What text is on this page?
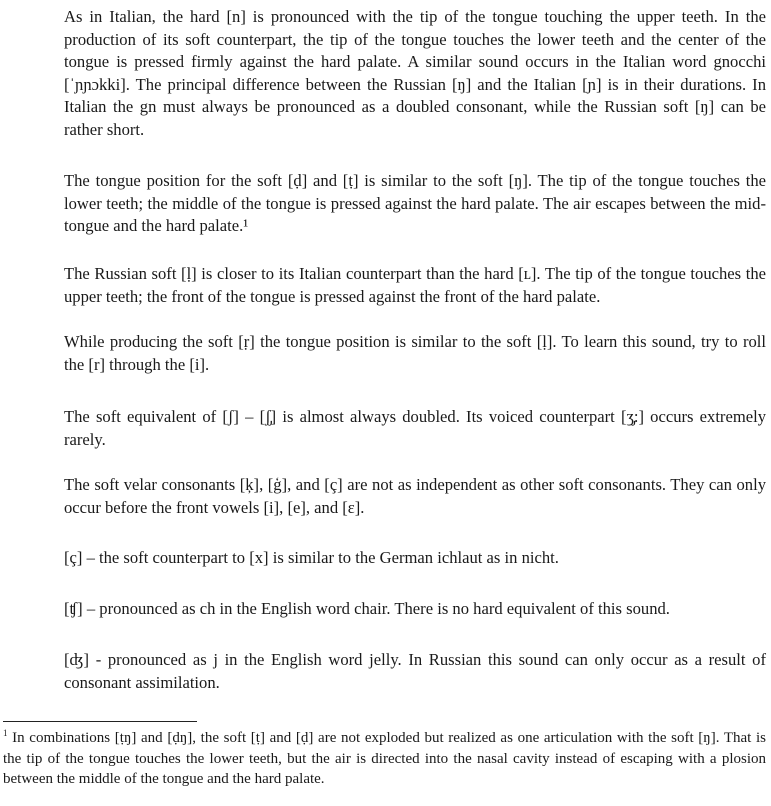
As in Italian, the hard [n] is pronounced with the tip of the tongue touching the upper teeth. In the production of its soft counterpart, the tip of the tongue touches the lower teeth and the center of the tongue is pressed firmly against the hard palate. A similar sound occurs in the Italian word gnocchi [ˈɲɲɔkki]. The principal difference between the Russian [ŋ] and the Italian [ɲ] is in their durations. In Italian the gn must always be pronounced as a doubled consonant, while the Russian soft [ŋ] can be rather short.

The tongue position for the soft [ḍ] and [ṭ] is similar to the soft [ŋ]. The tip of the tongue touches the lower teeth; the middle of the tongue is pressed against the hard palate. The air escapes between the mid-tongue and the hard palate.¹

The Russian soft [ḷ] is closer to its Italian counterpart than the hard [ʟ]. The tip of the tongue touches the upper teeth; the front of the tongue is pressed against the front of the hard palate.

While producing the soft [ṛ] the tongue position is similar to the soft [ḷ]. To learn this sound, try to roll the [r] through the [i].

The soft equivalent of [ʃ] – [ʃ̡] is almost always doubled. Its voiced counterpart [ʒ̡:] occurs extremely rarely.

The soft velar consonants [ķ], [ģ], and [ç] are not as independent as other soft consonants. They can only occur before the front vowels [i], [e], and [ɛ].

[ç] – the soft counterpart to [x] is similar to the German ichlaut as in nicht.

[ʧ] – pronounced as ch in the English word chair. There is no hard equivalent of this sound.

[ʤ] - pronounced as j in the English word jelly. In Russian this sound can only occur as a result of consonant assimilation.

$^1$ In combinations [ṭŋ] and [ḍŋ], the soft [ṭ] and [ḍ] are not exploded but realized as one articulation with the soft [ŋ]. That is the tip of the tongue touches the lower teeth, but the air is directed into the nasal cavity instead of escaping with a plosion between the middle of the tongue and the hard palate.
